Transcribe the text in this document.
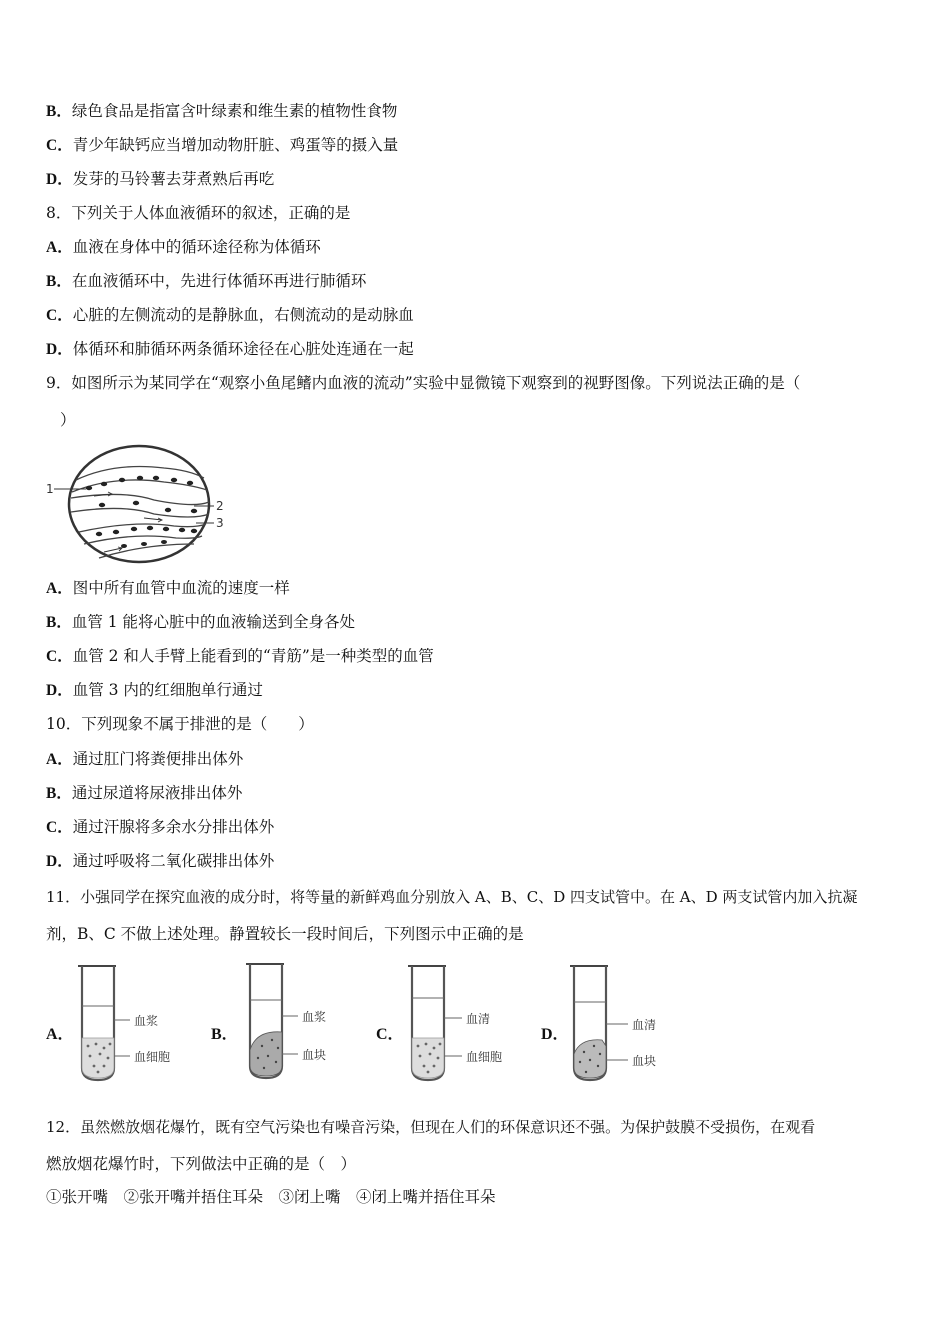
B．绿色食品是指富含叶绿素和维生素的植物性食物
C．青少年缺钙应当增加动物肝脏、鸡蛋等的摄入量
D．发芽的马铃薯去芽煮熟后再吃
8．下列关于人体血液循环的叙述，正确的是
A．血液在身体中的循环途径称为体循环
B．在血液循环中，先进行体循环再进行肺循环
C．心脏的左侧流动的是静脉血，右侧流动的是动脉血
D．体循环和肺循环两条循环途径在心脏处连通在一起
9．如图所示为某同学在“观察小鱼尾鳍内血液的流动”实验中显微镜下观察到的视野图像。下列说法正确的是（
）
1
2
3
A．图中所有血管中血流的速度一样
B．血管 1 能将心脏中的血液输送到全身各处
C．血管 2 和人手臂上能看到的“青筋”是一种类型的血管
D．血管 3 内的红细胞单行通过
10．下列现象不属于排泄的是（　　）
A．通过肛门将粪便排出体外
B．通过尿道将尿液排出体外
C．通过汗腺将多余水分排出体外
D．通过呼吸将二氧化碳排出体外
11．小强同学在探究血液的成分时，将等量的新鲜鸡血分别放入 A、B、C、D 四支试管中。在 A、D 两支试管内加入抗凝
剂，B、C 不做上述处理。静置较长一段时间后，下列图示中正确的是
A．
血浆
血细胞
B．
血浆
血块
C．
血清
血细胞
D．
血清
血块
12．虽然燃放烟花爆竹，既有空气污染也有噪音污染，但现在人们的环保意识还不强。为保护鼓膜不受损伤，在观看
燃放烟花爆竹时，下列做法中正确的是（　）
①张开嘴　②张开嘴并捂住耳朵　③闭上嘴　④闭上嘴并捂住耳朵
